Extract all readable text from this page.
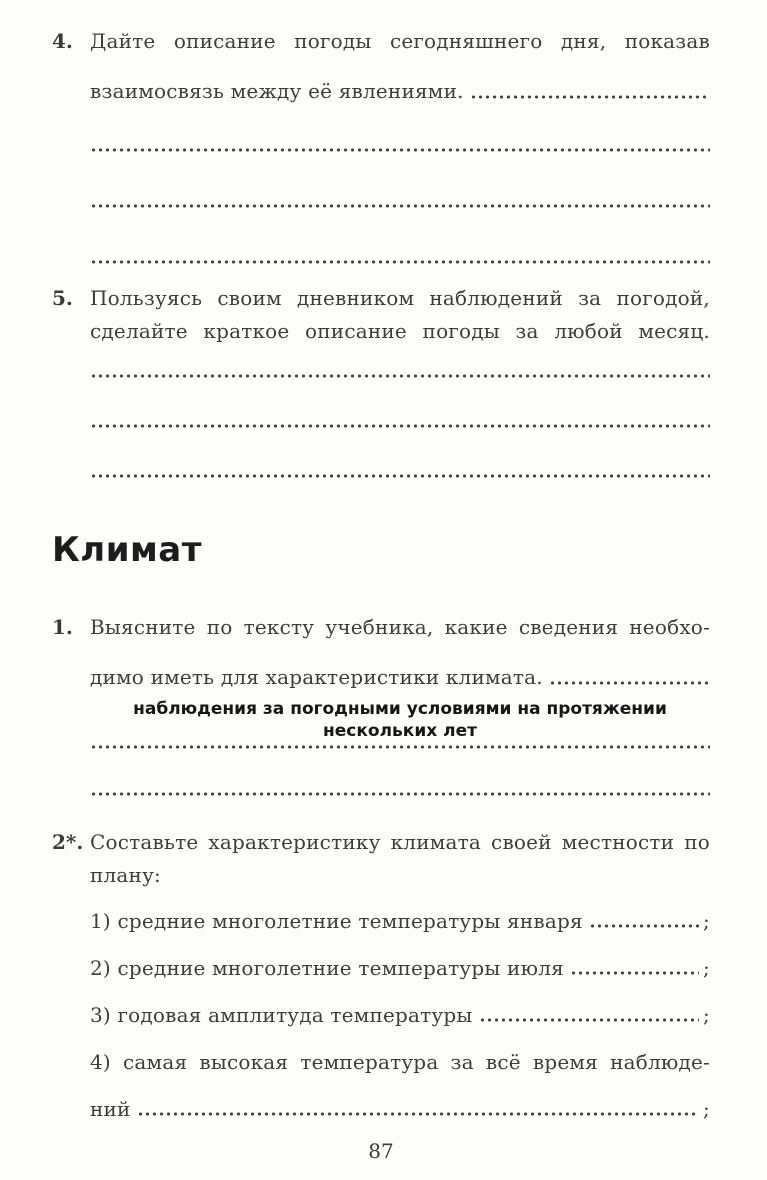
4. Дайте описание погоды сегодняшнего дня, показав
взаимосвязь между её явлениями.
5. Пользуясь своим дневником наблюдений за погодой,
сделайте краткое описание погоды за любой месяц.
Климат
1. Выясните по тексту учебника, какие сведения необхо-
димо иметь для характеристики климата.
наблюдения за погодными условиями на протяжении нескольких лет
2*. Составьте характеристику климата своей местности по
плану:
1) средние многолетние температуры января	;
2) средние многолетние температуры июля	;
3) годовая амплитуда температуры	;
4) самая высокая температура за всё время наблюде-
ний	;
87
